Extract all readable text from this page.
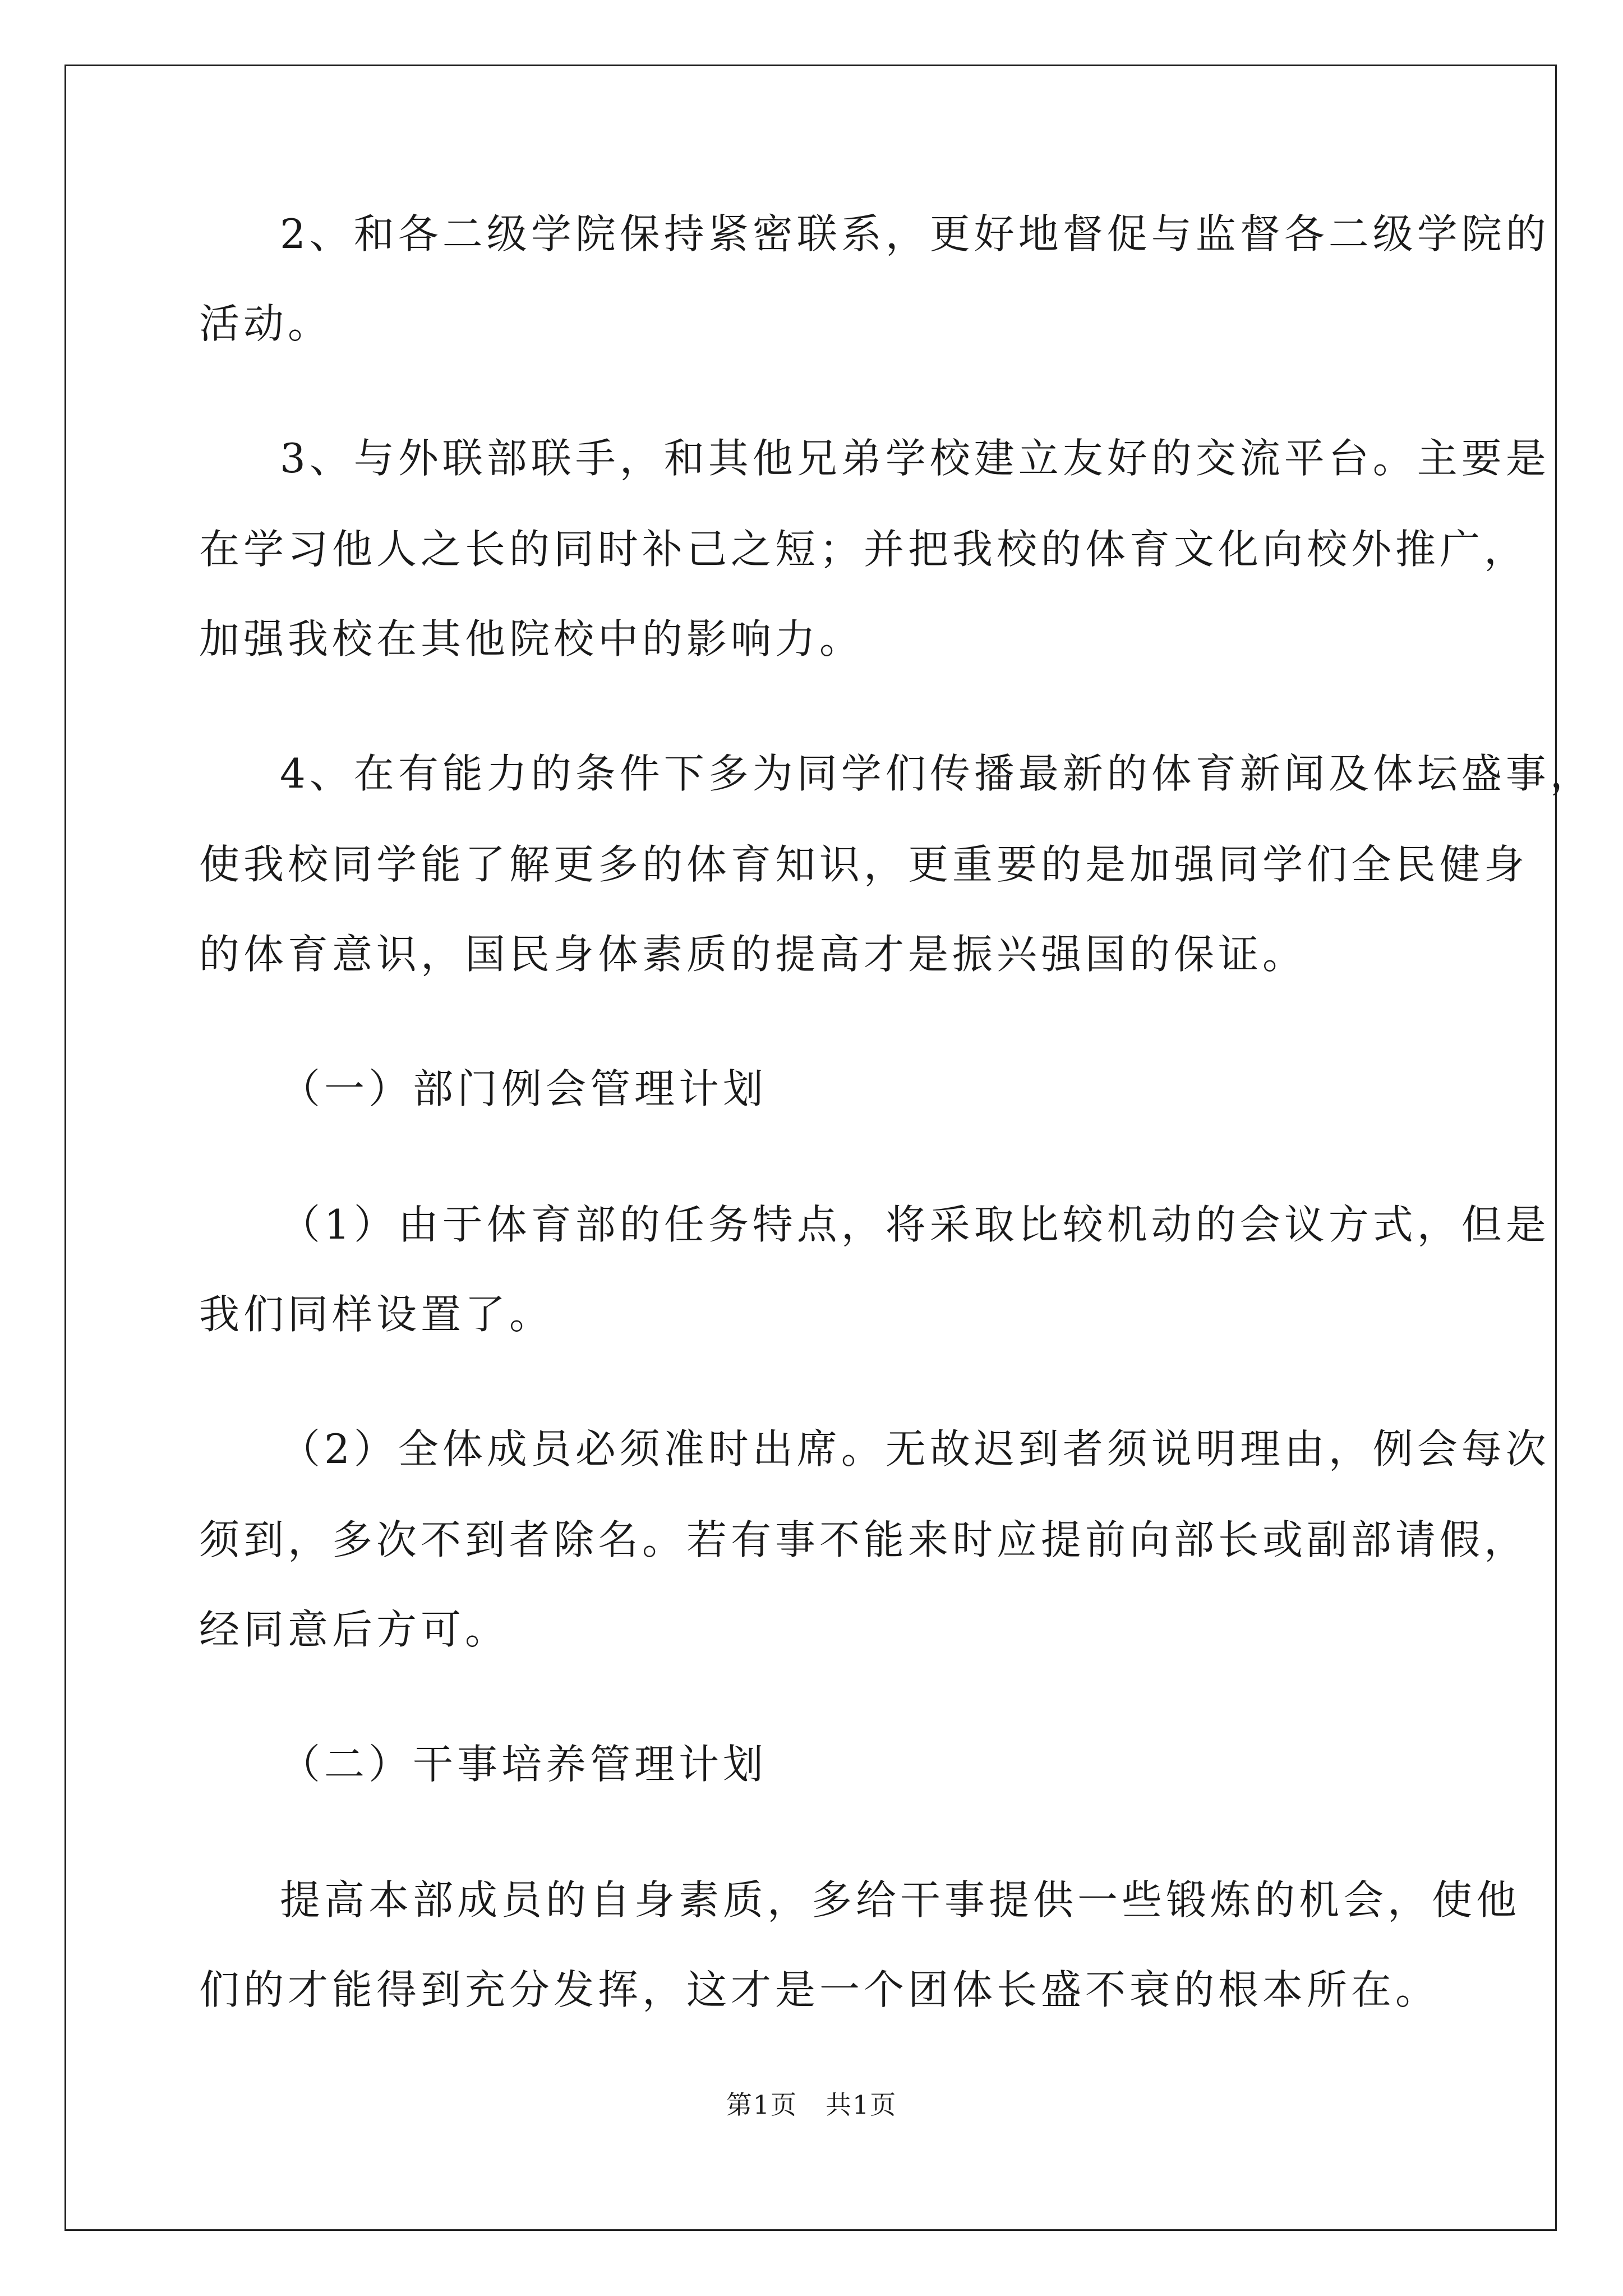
2、和各二级学院保持紧密联系，更好地督促与监督各二级学院的
活动。
3、与外联部联手，和其他兄弟学校建立友好的交流平台。主要是
在学习他人之长的同时补己之短；并把我校的体育文化向校外推广，
加强我校在其他院校中的影响力。
4、在有能力的条件下多为同学们传播最新的体育新闻及体坛盛事，
使我校同学能了解更多的体育知识，更重要的是加强同学们全民健身
的体育意识，国民身体素质的提高才是振兴强国的保证。
（一）部门例会管理计划
（1）由于体育部的任务特点，将采取比较机动的会议方式，但是
我们同样设置了。
（2）全体成员必须准时出席。无故迟到者须说明理由，例会每次
须到，多次不到者除名。若有事不能来时应提前向部长或副部请假，
经同意后方可。
（二）干事培养管理计划
提高本部成员的自身素质，多给干事提供一些锻炼的机会，使他
们的才能得到充分发挥，这才是一个团体长盛不衰的根本所在。
第1页 共1页
